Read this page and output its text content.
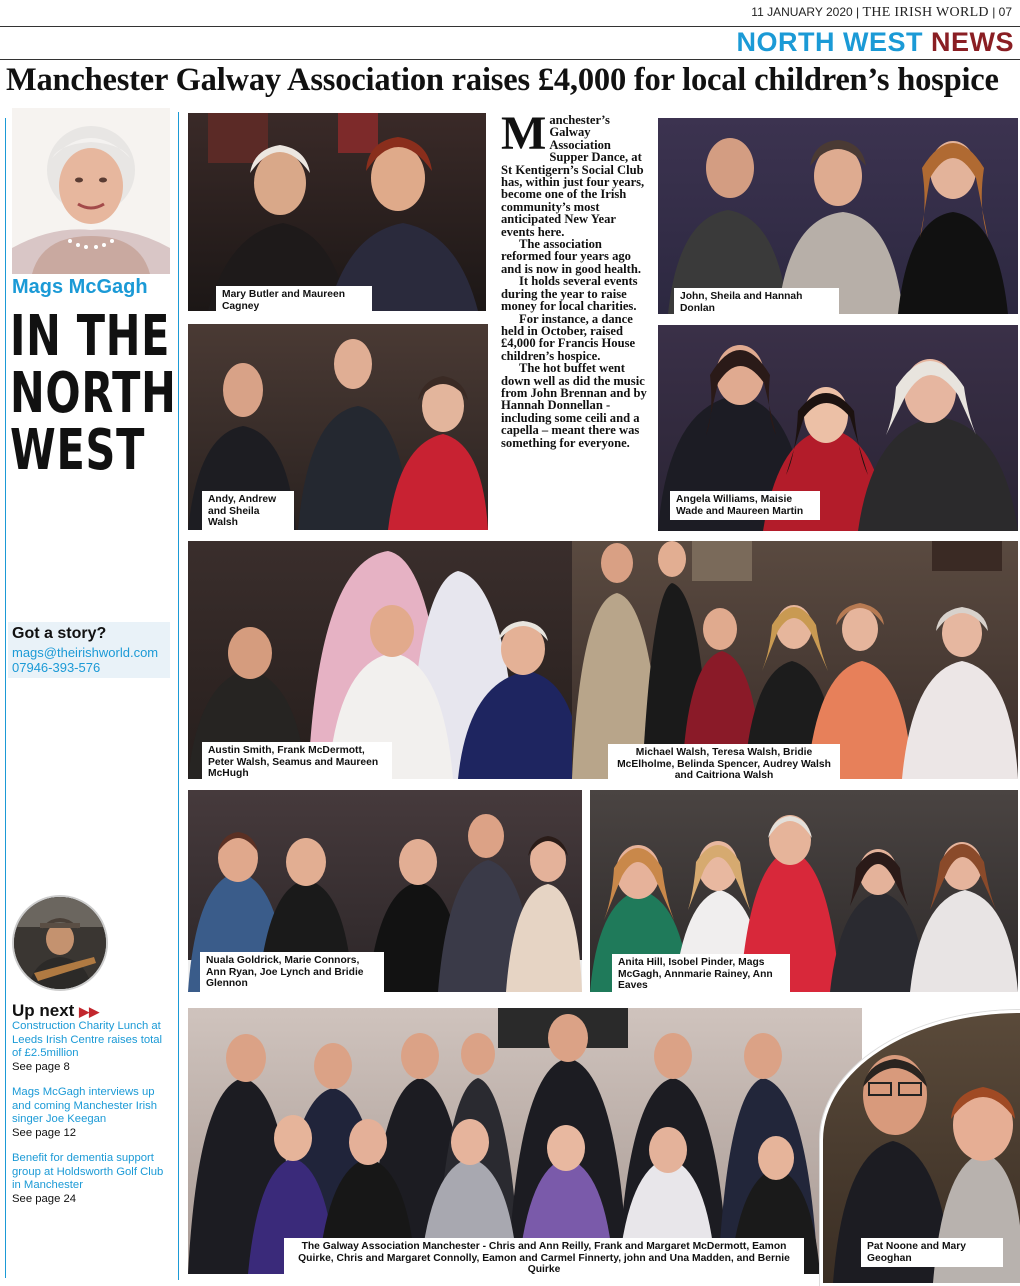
11 JANUARY 2020 | THE IRISH WORLD | 07
NORTH WEST NEWS
Manchester Galway Association raises £4,000 for local children’s hospice
Mags McGagh
IN THE
NORTH
WEST
Got a story?
mags@theirishworld.com
07946-393-576
Up next ▶▶
Construction Charity Lunch at Leeds Irish Centre raises total of £2.5million
See page 8
Mags McGagh interviews up and coming Manchester Irish singer Joe Keegan
See page 12
Benefit for dementia support group at Holdsworth Golf Club in Manchester
See page 24

Manchester’s Galway Association Supper Dance, at St Kentigern’s Social Club has, within just four years, become one of the Irish community’s most anticipated New Year events here.

The association reformed four years ago and is now in good health.

It holds several events during the year to raise money for local charities.

For instance, a dance held in October, raised £4,000 for Francis House children’s hospice.

The hot buffet went down well as did the music from John Brennan and by Hannah Donnellan - including some ceili and a capella – meant there was something for everyone.

Mary Butler and Maureen Cagney
John, Sheila and Hannah Donlan
Andy, Andrew and Sheila Walsh
Angela Williams, Maisie Wade and Maureen Martin
Austin Smith, Frank McDermott, Peter Walsh, Seamus and Maureen McHugh
Michael Walsh, Teresa Walsh, Bridie McElholme, Belinda Spencer, Audrey Walsh and Caitriona Walsh
Nuala Goldrick, Marie Connors, Ann Ryan, Joe Lynch and Bridie Glennon
Anita Hill, Isobel Pinder, Mags McGagh, Annmarie Rainey, Ann Eaves
The Galway Association Manchester - Chris and Ann Reilly, Frank and Margaret McDermott, Eamon Quirke, Chris and Margaret Connolly, Eamon and Carmel Finnerty, john and Una Madden, and Bernie Quirke
Pat Noone and Mary Geoghan
